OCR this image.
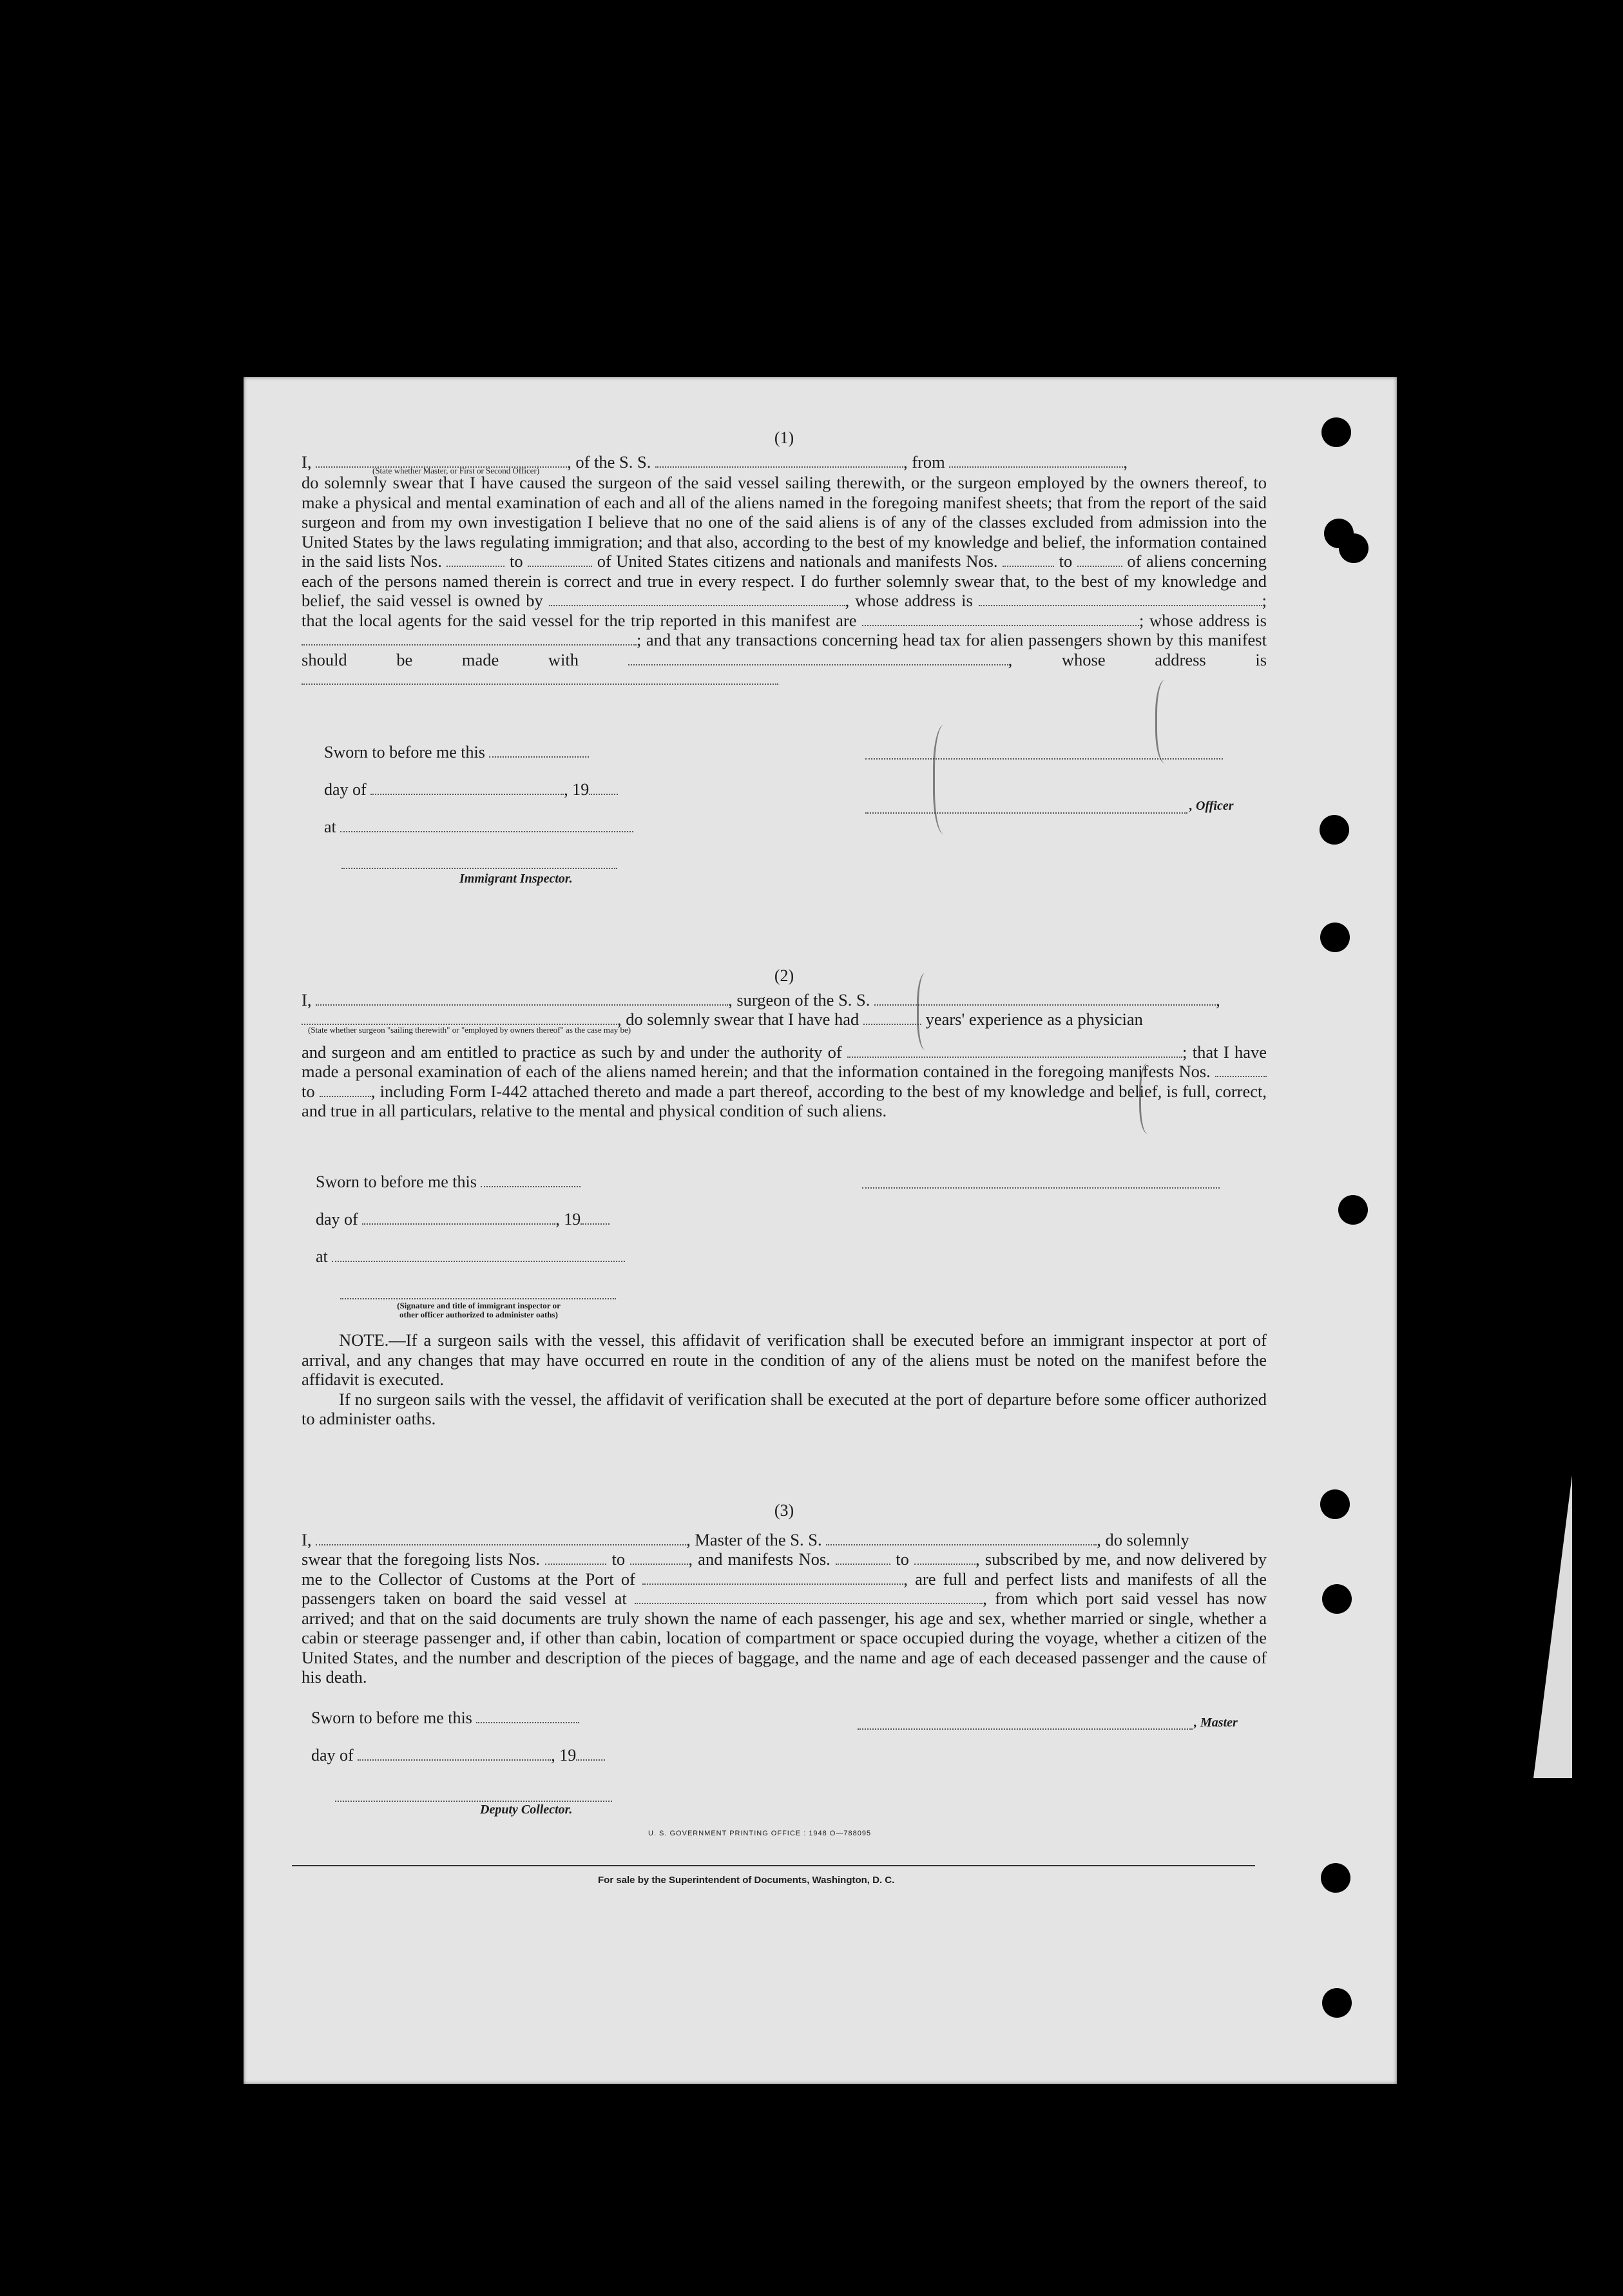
(1)

I,	, of the S. S.	, from	,

(State whether Master, or First or Second Officer)

do solemnly swear that I have caused the surgeon of the said vessel sailing therewith, or the surgeon employed by the owners thereof, to make a physical and mental examination of each and all of the aliens named in the foregoing manifest sheets; that from the report of the said surgeon and from my own investigation I believe that no one of the said aliens is of any of the classes excluded from admission into the United States by the laws regulating immigration; and that also, according to the best of my knowledge and belief, the information contained in the said lists Nos.	to	of United States citizens and nationals and manifests Nos.	to	of aliens concerning each of the persons named therein is correct and true in every respect. I do further solemnly swear that, to the best of my knowledge and belief, the said vessel is owned by	, whose address is	; that the local agents for the said vessel for the trip reported in this manifest are	; whose address is ; and that any transactions concerning head tax for alien passengers shown by this manifest should be made with	, whose address is

Sworn to before me this
day of	, 19
at
Immigrant Inspector.
, Officer
(2)

I,	, surgeon of the S. S.	,

, do solemnly swear that I have had	years' experience as a physician

(State whether surgeon "sailing therewith" or "employed by owners thereof" as the case may be)

and surgeon and am entitled to practice as such by and under the authority of	; that I have made a personal examination of each of the aliens named herein; and that the information contained in the foregoing manifests Nos.  to	, including Form I-442 attached thereto and made a part thereof, according to the best of my knowledge and belief, is full, correct, and true in all particulars, relative to the mental and physical condition of such aliens.

Sworn to before me this
day of	, 19
at
(Signature and title of immigrant inspector or
other officer authorized to administer oaths)

NOTE.—If a surgeon sails with the vessel, this affidavit of verification shall be executed before an immigrant inspector at port of arrival, and any changes that may have occurred en route in the condition of any of the aliens must be noted on the manifest before the affidavit is executed.

If no surgeon sails with the vessel, the affidavit of verification shall be executed at the port of departure before some officer authorized to administer oaths.

(3)

I,	, Master of the S. S.	, do solemnly

swear that the foregoing lists Nos.	to	, and manifests Nos.	to	, subscribed by me, and now delivered by me to the Collector of Customs at the Port of	, are full and perfect lists and manifests of all the passengers taken on board the said vessel at	, from which port said vessel has now arrived; and that on the said documents are truly shown the name of each passenger, his age and sex, whether married or single, whether a cabin or steerage passenger and, if other than cabin, location of compartment or space occupied during the voyage, whether a citizen of the United States, and the number and description of the pieces of baggage, and the name and age of each deceased passenger and the cause of his death.

Sworn to before me this
day of	, 19
Deputy Collector.
, Master
U. S. GOVERNMENT PRINTING OFFICE : 1948 O—788095
For sale by the Superintendent of Documents, Washington, D. C.
